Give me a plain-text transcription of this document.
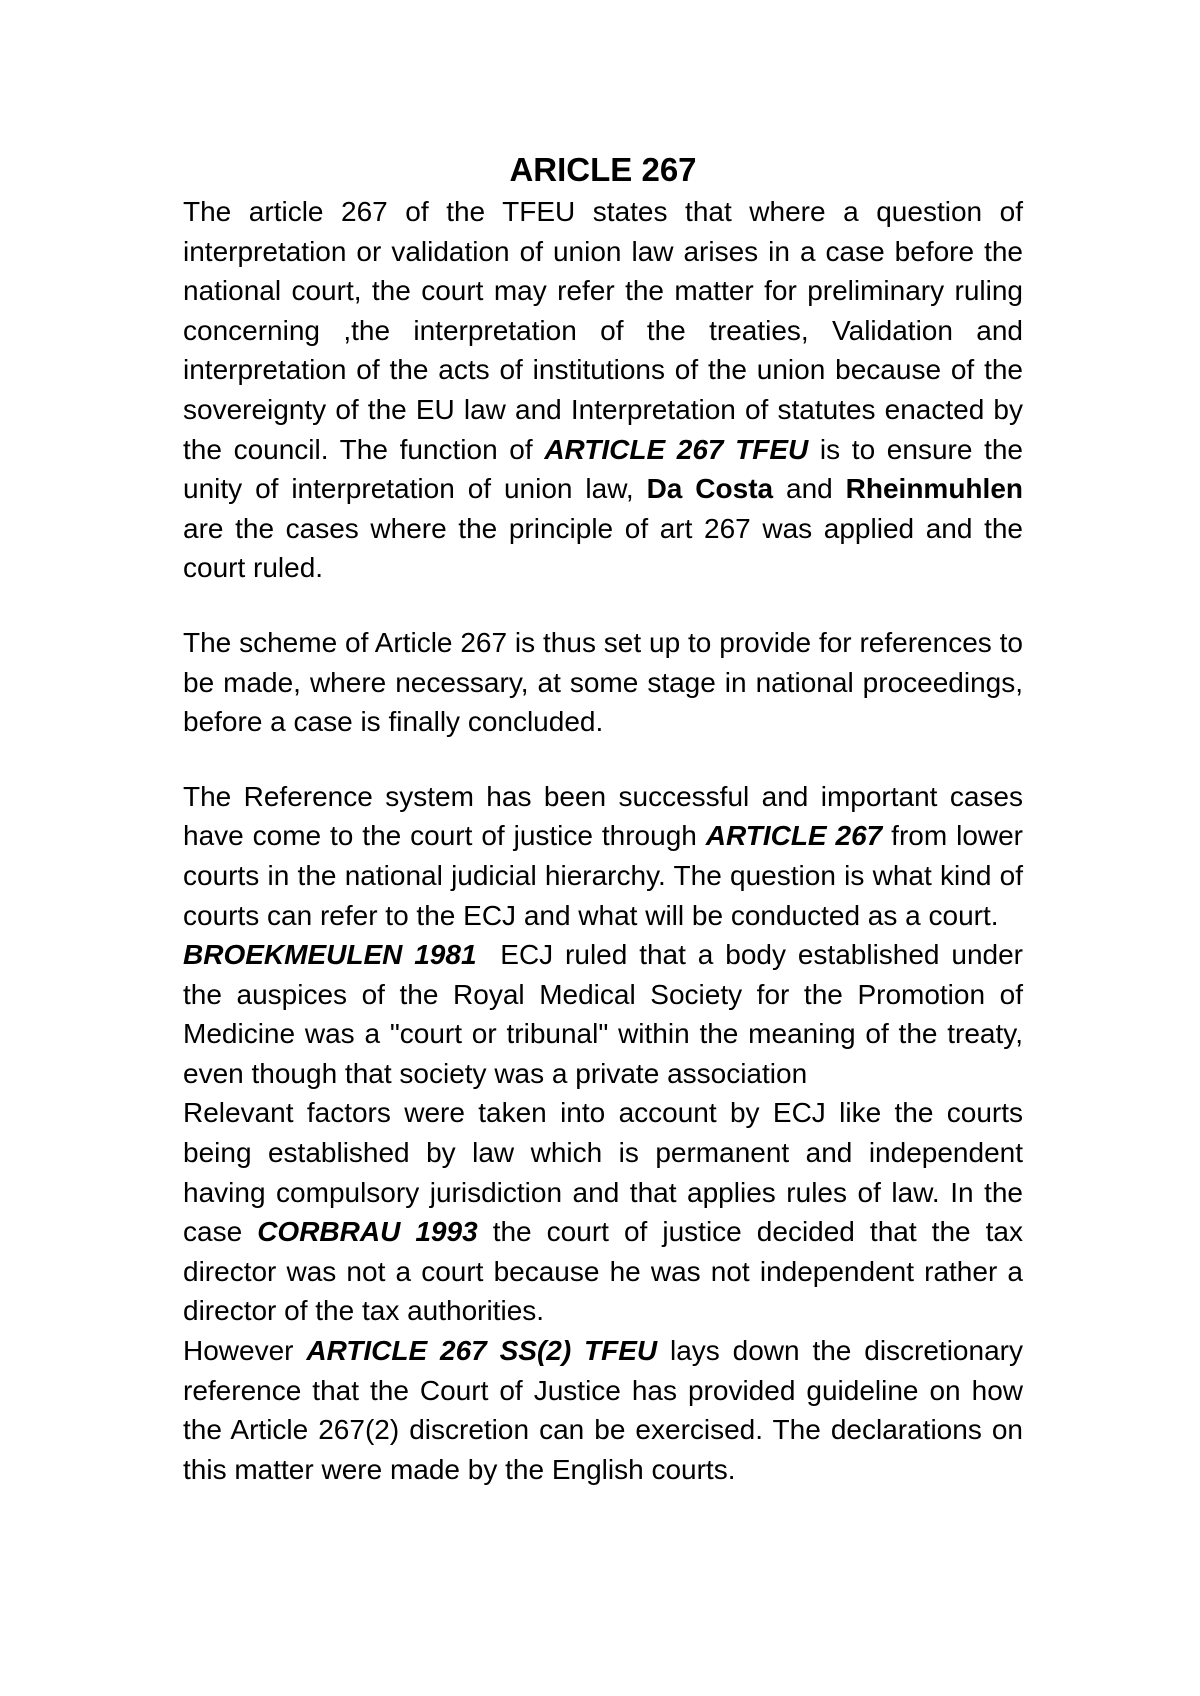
ARICLE 267

The article 267 of the TFEU states that where a question of interpretation or validation of union law arises in a case before the national court, the court may refer the matter for preliminary ruling concerning ,the interpretation of the treaties, Validation and interpretation of the acts of institutions of the union because of the sovereignty of the EU law and Interpretation of statutes enacted by the council. The function of ARTICLE 267 TFEU is to ensure the unity of interpretation of union law, Da Costa and Rheinmuhlen are the cases where the principle of art 267 was applied and the court ruled.

The scheme of Article 267 is thus set up to provide for references to be made, where necessary, at some stage in national proceedings, before a case is finally concluded.

The Reference system has been successful and important cases have come to the court of justice through ARTICLE 267 from lower courts in the national judicial hierarchy. The question is what kind of courts can refer to the ECJ and what will be conducted as a court.

BROEKMEULEN 1981  ECJ ruled that a body established under the auspices of the Royal Medical Society for the Promotion of Medicine was a "court or tribunal" within the meaning of the treaty, even though that society was a private association

Relevant factors were taken into account by ECJ like the courts being established by law which is permanent and independent having compulsory jurisdiction and that applies rules of law. In the case CORBRAU 1993 the court of justice decided that the tax director was not a court because he was not independent rather a director of the tax authorities.

However ARTICLE 267 SS(2) TFEU lays down the discretionary reference that the Court of Justice has provided guideline on how the Article 267(2) discretion can be exercised. The declarations on this matter were made by the English courts.
